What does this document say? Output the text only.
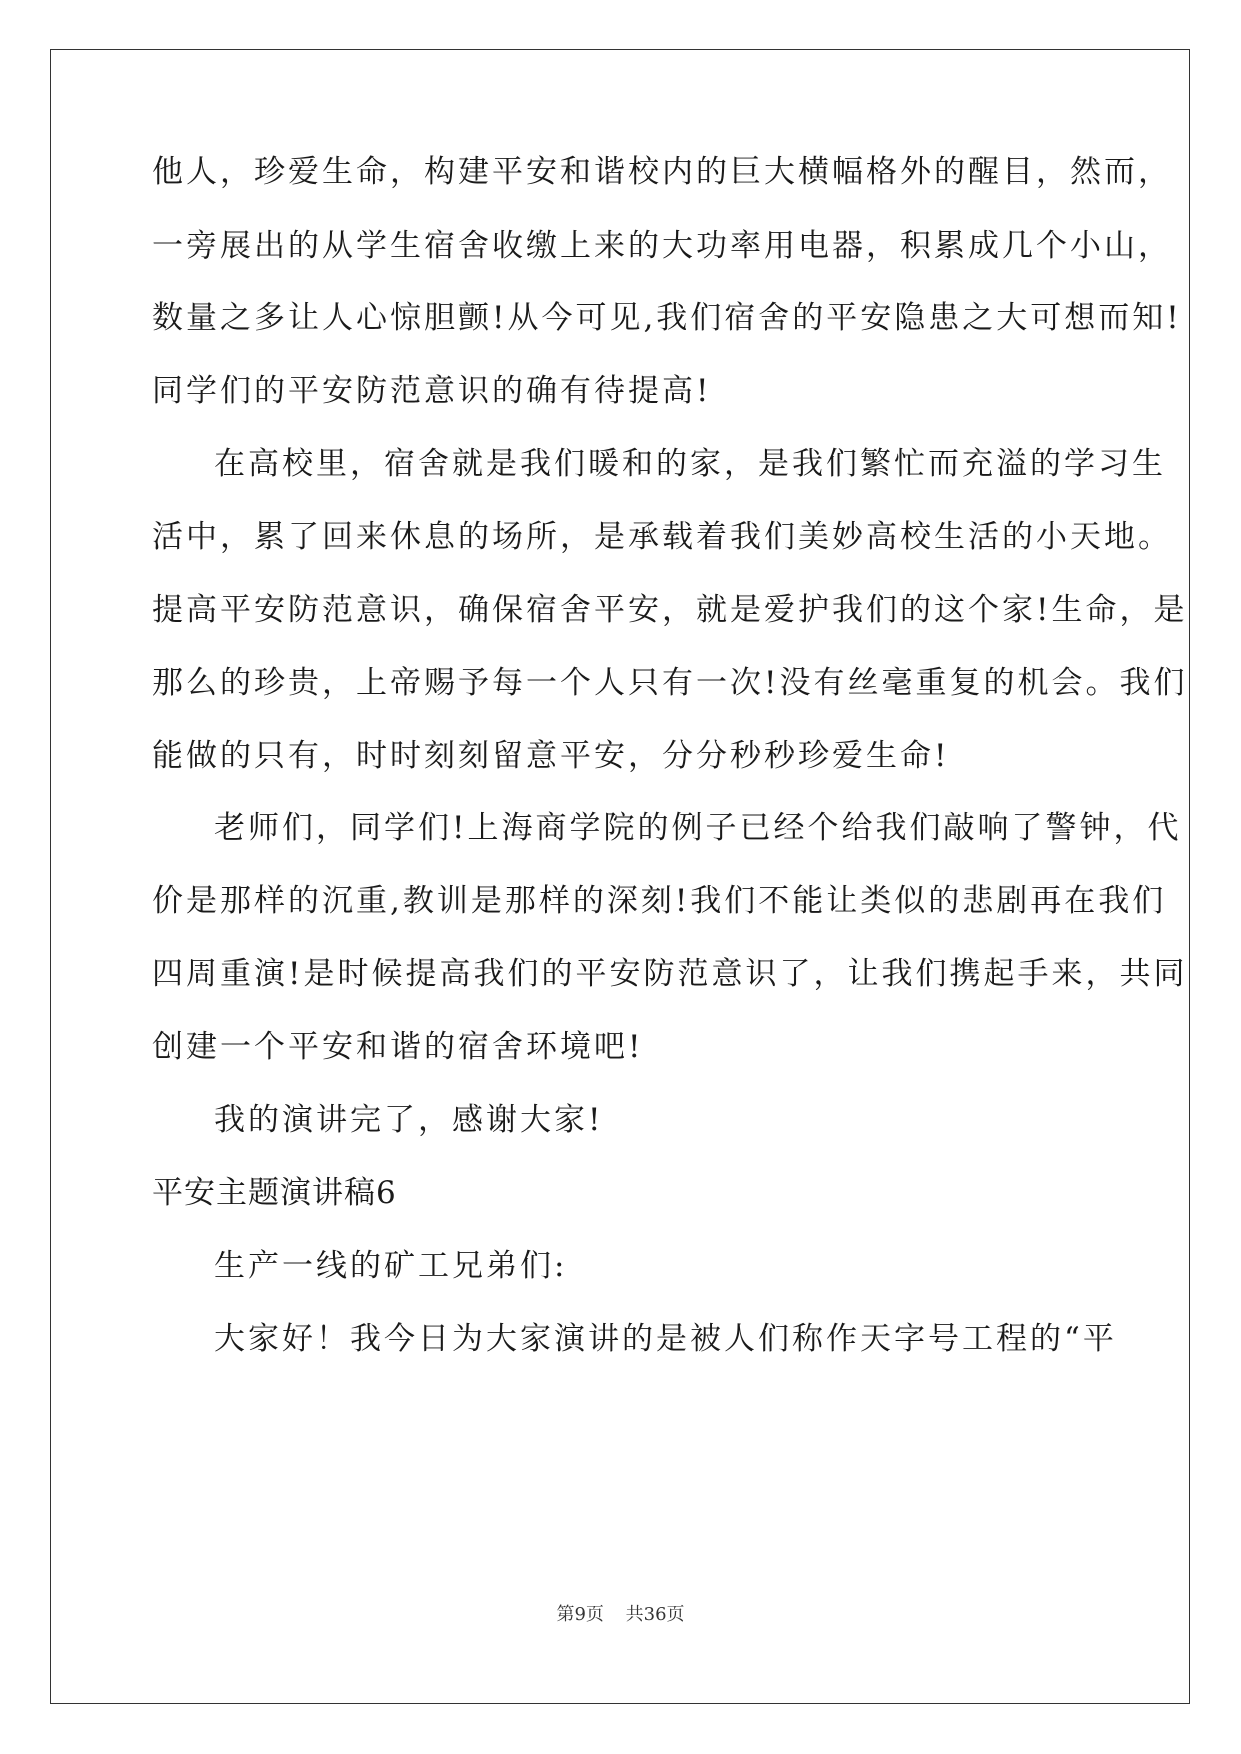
他人，珍爱生命，构建平安和谐校内的巨大横幅格外的醒目，然而，
一旁展出的从学生宿舍收缴上来的大功率用电器，积累成几个小山，
数量之多让人心惊胆颤!从今可见,我们宿舍的平安隐患之大可想而知!
同学们的平安防范意识的确有待提高!
在高校里，宿舍就是我们暖和的家，是我们繁忙而充溢的学习生
活中，累了回来休息的场所，是承载着我们美妙高校生活的小天地。
提高平安防范意识，确保宿舍平安，就是爱护我们的这个家!生命，是
那么的珍贵，上帝赐予每一个人只有一次!没有丝毫重复的机会。我们
能做的只有，时时刻刻留意平安，分分秒秒珍爱生命!
老师们，同学们!上海商学院的例子已经个给我们敲响了警钟，代
价是那样的沉重,教训是那样的深刻!我们不能让类似的悲剧再在我们
四周重演!是时候提高我们的平安防范意识了，让我们携起手来，共同
创建一个平安和谐的宿舍环境吧!
我的演讲完了，感谢大家!
平安主题演讲稿6
生产一线的矿工兄弟们:
大家好！我今日为大家演讲的是被人们称作天字号工程的“平
第9页 共36页
